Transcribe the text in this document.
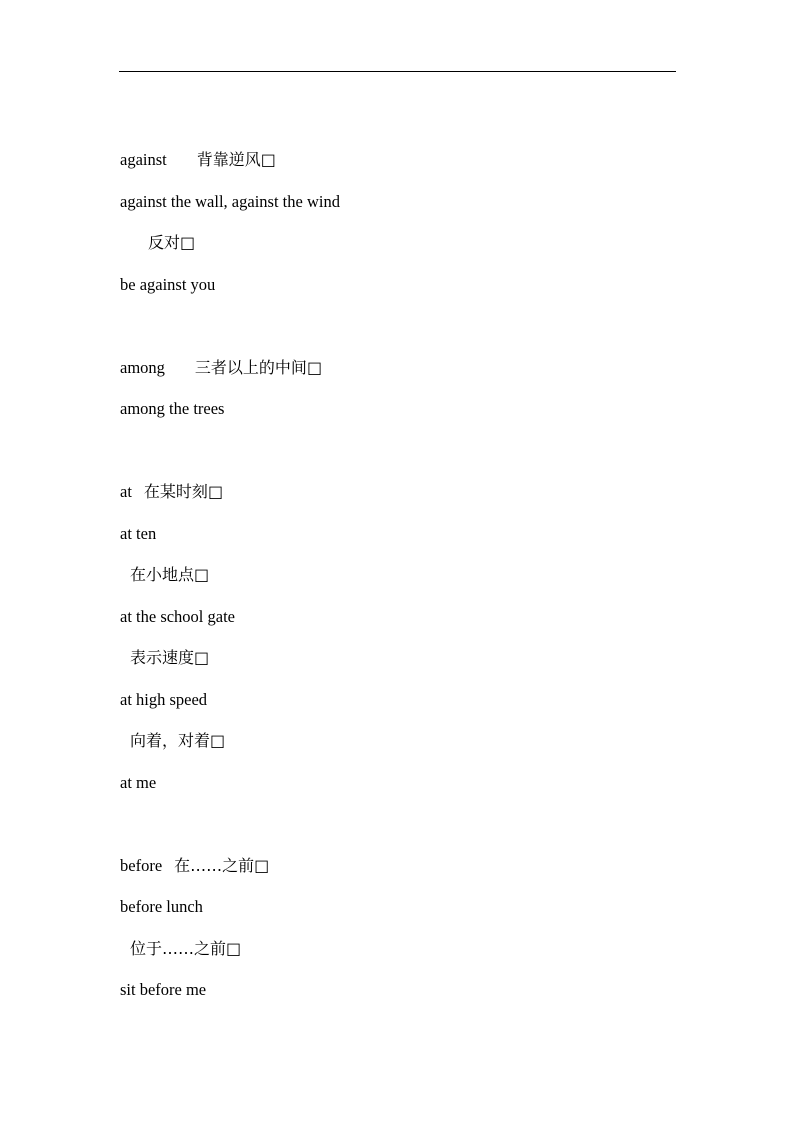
against 背靠逆风□
against the wall, against the wind
反对□
be against you
among 三者以上的中间□
among the trees
at 在某时刻□
at ten
在小地点□
at the school gate
表示速度□
at high speed
向着，对着□
at me
before 在……之前□
before lunch
位于……之前□
sit before me
